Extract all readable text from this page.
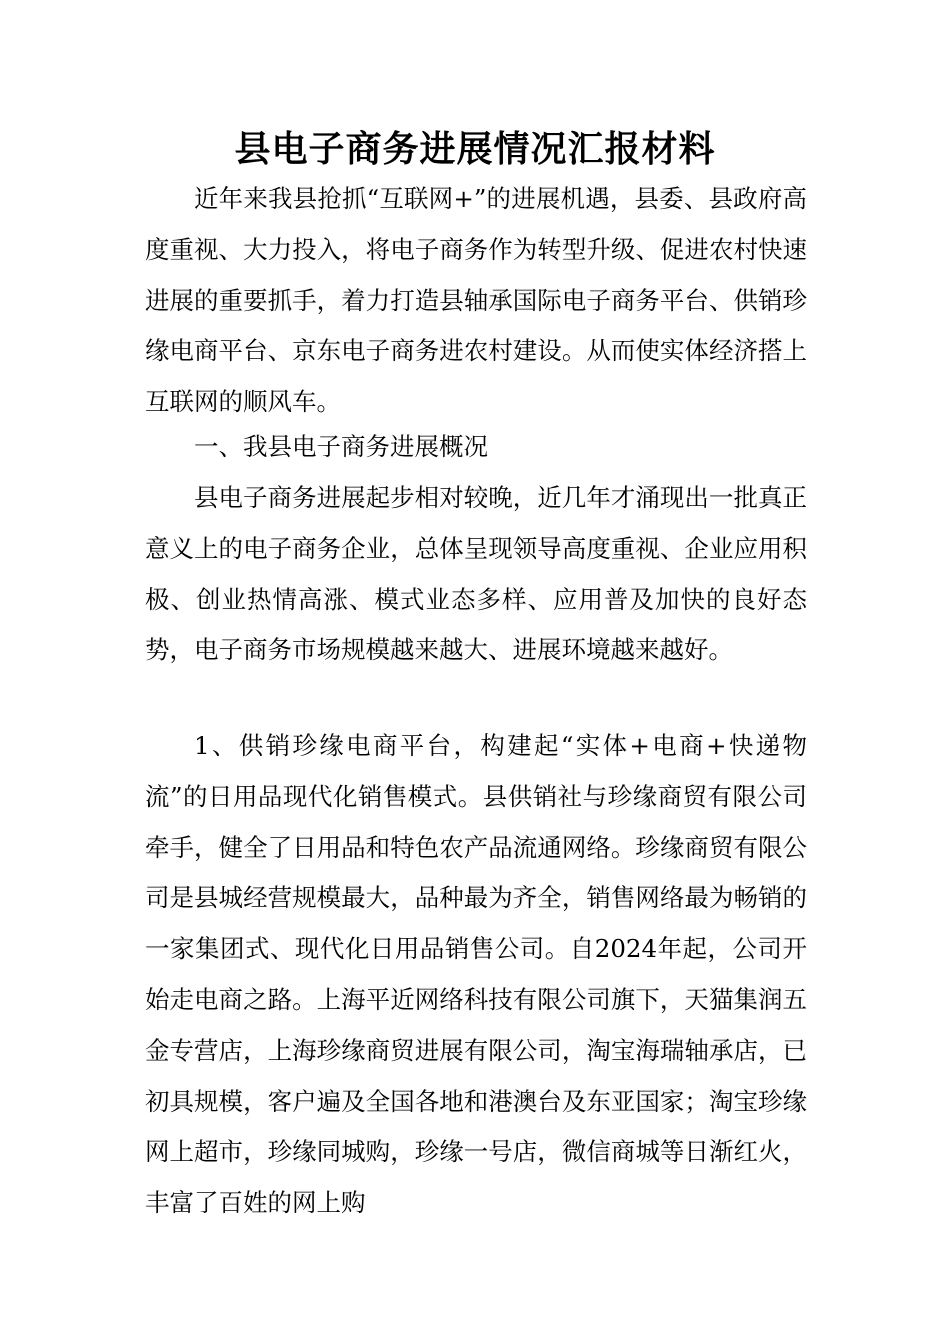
县电子商务进展情况汇报材料

近年来我县抢抓“互联网+”的进展机遇，县委、县政府高度重视、大力投入，将电子商务作为转型升级、促进农村快速进展的重要抓手，着力打造县轴承国际电子商务平台、供销珍缘电商平台、京东电子商务进农村建设。从而使实体经济搭上互联网的顺风车。

一、我县电子商务进展概况

县电子商务进展起步相对较晚，近几年才涌现出一批真正意义上的电子商务企业，总体呈现领导高度重视、企业应用积极、创业热情高涨、模式业态多样、应用普及加快的良好态势，电子商务市场规模越来越大、进展环境越来越好。

1、供销珍缘电商平台，构建起“实体+电商+快递物流”的日用品现代化销售模式。县供销社与珍缘商贸有限公司牵手，健全了日用品和特色农产品流通网络。珍缘商贸有限公司是县城经营规模最大，品种最为齐全，销售网络最为畅销的一家集团式、现代化日用品销售公司。自2024年起，公司开始走电商之路。上海平近网络科技有限公司旗下，天猫集润五金专营店，上海珍缘商贸进展有限公司，淘宝海瑞轴承店，已初具规模，客户遍及全国各地和港澳台及东亚国家；淘宝珍缘网上超市，珍缘同城购，珍缘一号店，微信商城等日渐红火，丰富了百姓的网上购
